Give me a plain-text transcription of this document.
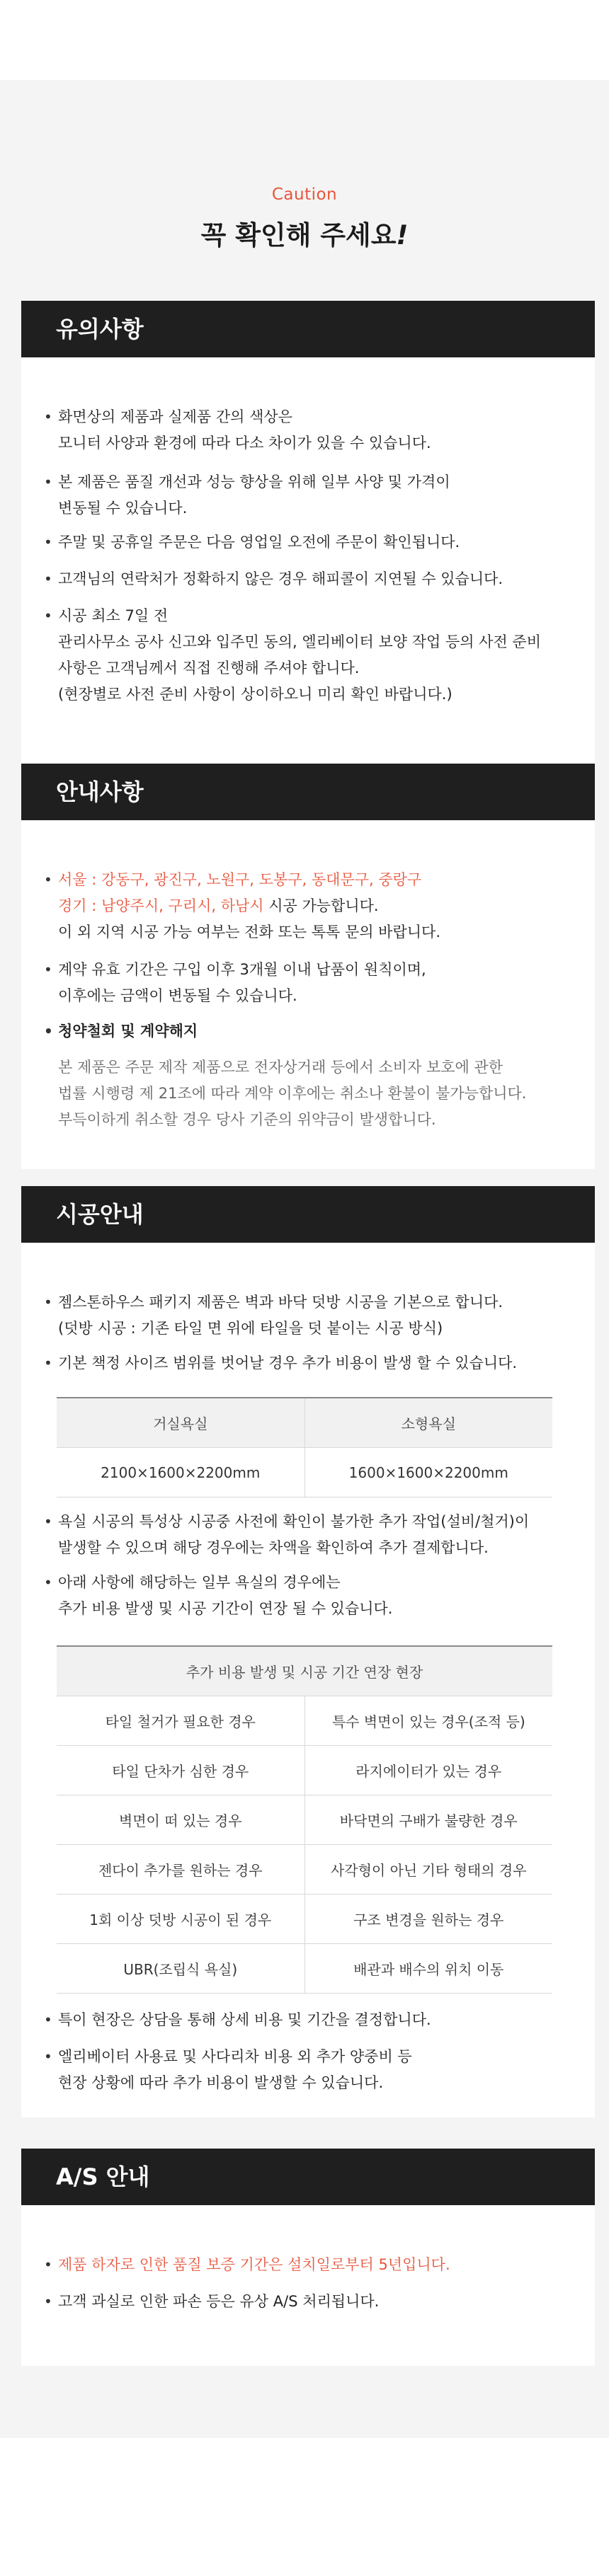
Caution
꼭 확인해 주세요!
유의사항
• 화면상의 제품과 실제품 간의 색상은
모니터 사양과 환경에 따라 다소 차이가 있을 수 있습니다.
• 본 제품은 품질 개선과 성능 향상을 위해 일부 사양 및 가격이
변동될 수 있습니다.
• 주말 및 공휴일 주문은 다음 영업일 오전에 주문이 확인됩니다.
• 고객님의 연락처가 정확하지 않은 경우 해피콜이 지연될 수 있습니다.
• 시공 최소 7일 전
관리사무소 공사 신고와 입주민 동의, 엘리베이터 보양 작업 등의 사전 준비
사항은 고객님께서 직접 진행해 주셔야 합니다.
(현장별로 사전 준비 사항이 상이하오니 미리 확인 바랍니다.)
안내사항
• 서울 : 강동구, 광진구, 노원구, 도봉구, 동대문구, 중랑구
경기 : 남양주시, 구리시, 하남시 시공 가능합니다.
이 외 지역 시공 가능 여부는 전화 또는 톡톡 문의 바랍니다.
• 계약 유효 기간은 구입 이후 3개월 이내 납품이 원칙이며,
이후에는 금액이 변동될 수 있습니다.
• 청약철회 및 계약해지
본 제품은 주문 제작 제품으로 전자상거래 등에서 소비자 보호에 관한
법률 시행령 제 21조에 따라 계약 이후에는 취소나 환불이 불가능합니다.
부득이하게 취소할 경우 당사 기준의 위약금이 발생합니다.
시공안내
• 젬스톤하우스 패키지 제품은 벽과 바닥 덧방 시공을 기본으로 합니다.
(덧방 시공 : 기존 타일 면 위에 타일을 덧 붙이는 시공 방식)
• 기본 책정 사이즈 범위를 벗어날 경우 추가 비용이 발생 할 수 있습니다.
거실욕실	소형욕실
2100×1600×2200mm	1600×1600×2200mm
• 욕실 시공의 특성상 시공중 사전에 확인이 불가한 추가 작업(설비/철거)이
발생할 수 있으며 해당 경우에는 차액을 확인하여 추가 결제합니다.
• 아래 사항에 해당하는 일부 욕실의 경우에는
추가 비용 발생 및 시공 기간이 연장 될 수 있습니다.
추가 비용 발생 및 시공 기간 연장 현장	
타일 철거가 필요한 경우	특수 벽면이 있는 경우(조적 등)
타일 단차가 심한 경우	라지에이터가 있는 경우
벽면이 떠 있는 경우	바닥면의 구배가 불량한 경우
젠다이 추가를 원하는 경우	사각형이 아닌 기타 형태의 경우
1회 이상 덧방 시공이 된 경우	구조 변경을 원하는 경우
UBR(조립식 욕실)	배관과 배수의 위치 이동
• 특이 현장은 상담을 통해 상세 비용 및 기간을 결정합니다.
• 엘리베이터 사용료 및 사다리차 비용 외 추가 양중비 등
현장 상황에 따라 추가 비용이 발생할 수 있습니다.
A/S 안내
• 제품 하자로 인한 품질 보증 기간은 설치일로부터 5년입니다.
• 고객 과실로 인한 파손 등은 유상 A/S 처리됩니다.
